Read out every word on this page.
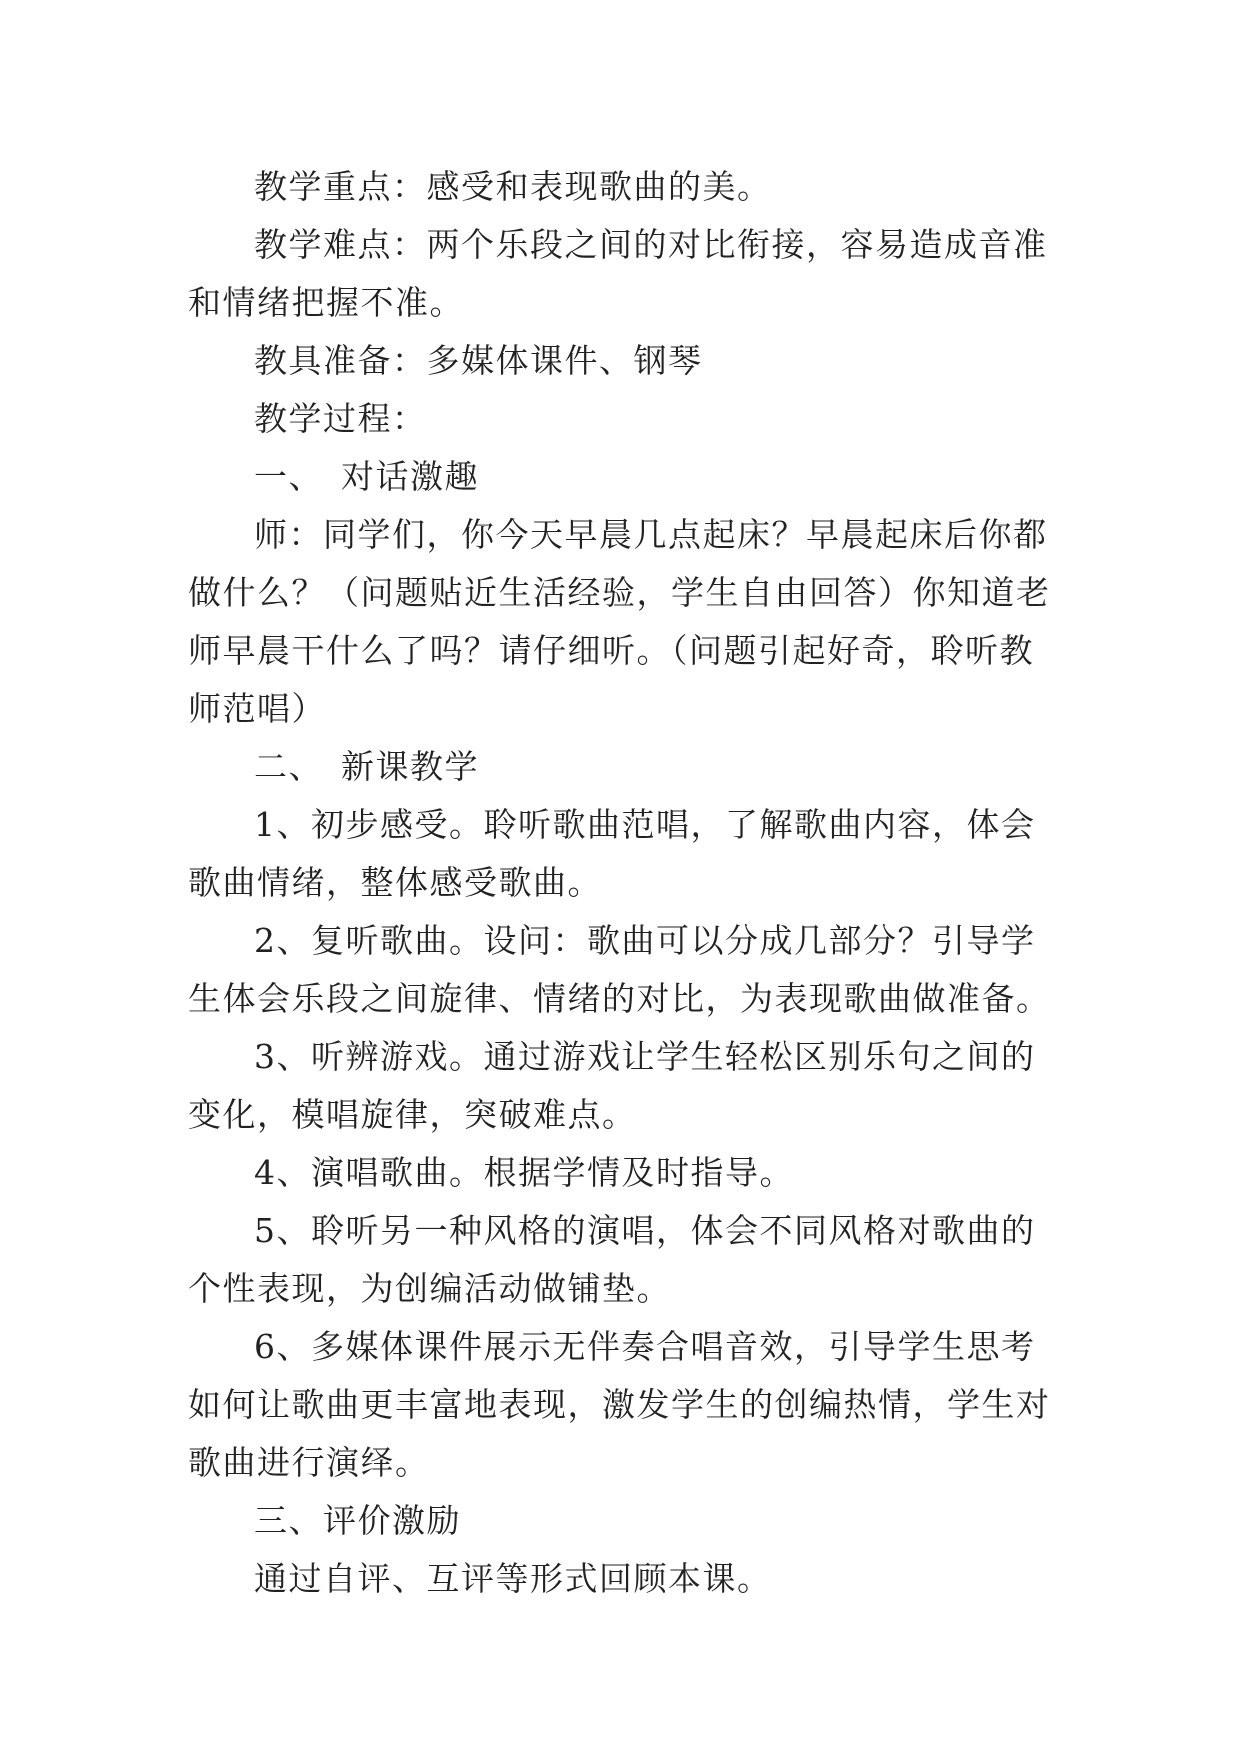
教学重点：感受和表现歌曲的美。

教学难点：两个乐段之间的对比衔接，容易造成音准和情绪把握不准。

教具准备：多媒体课件、钢琴

教学过程：

一、　对话激趣

师：同学们，你今天早晨几点起床？早晨起床后你都做什么？（问题贴近生活经验，学生自由回答）你知道老师早晨干什么了吗？请仔细听。（问题引起好奇，聆听教师范唱）

二、　新课教学

1、初步感受。聆听歌曲范唱，了解歌曲内容，体会歌曲情绪，整体感受歌曲。

2、复听歌曲。设问：歌曲可以分成几部分？引导学生体会乐段之间旋律、情绪的对比，为表现歌曲做准备。

3、听辨游戏。通过游戏让学生轻松区别乐句之间的变化，模唱旋律，突破难点。

4、演唱歌曲。根据学情及时指导。

5、聆听另一种风格的演唱，体会不同风格对歌曲的个性表现，为创编活动做铺垫。

6、多媒体课件展示无伴奏合唱音效，引导学生思考如何让歌曲更丰富地表现，激发学生的创编热情，学生对歌曲进行演绎。

三、评价激励

通过自评、互评等形式回顾本课。
